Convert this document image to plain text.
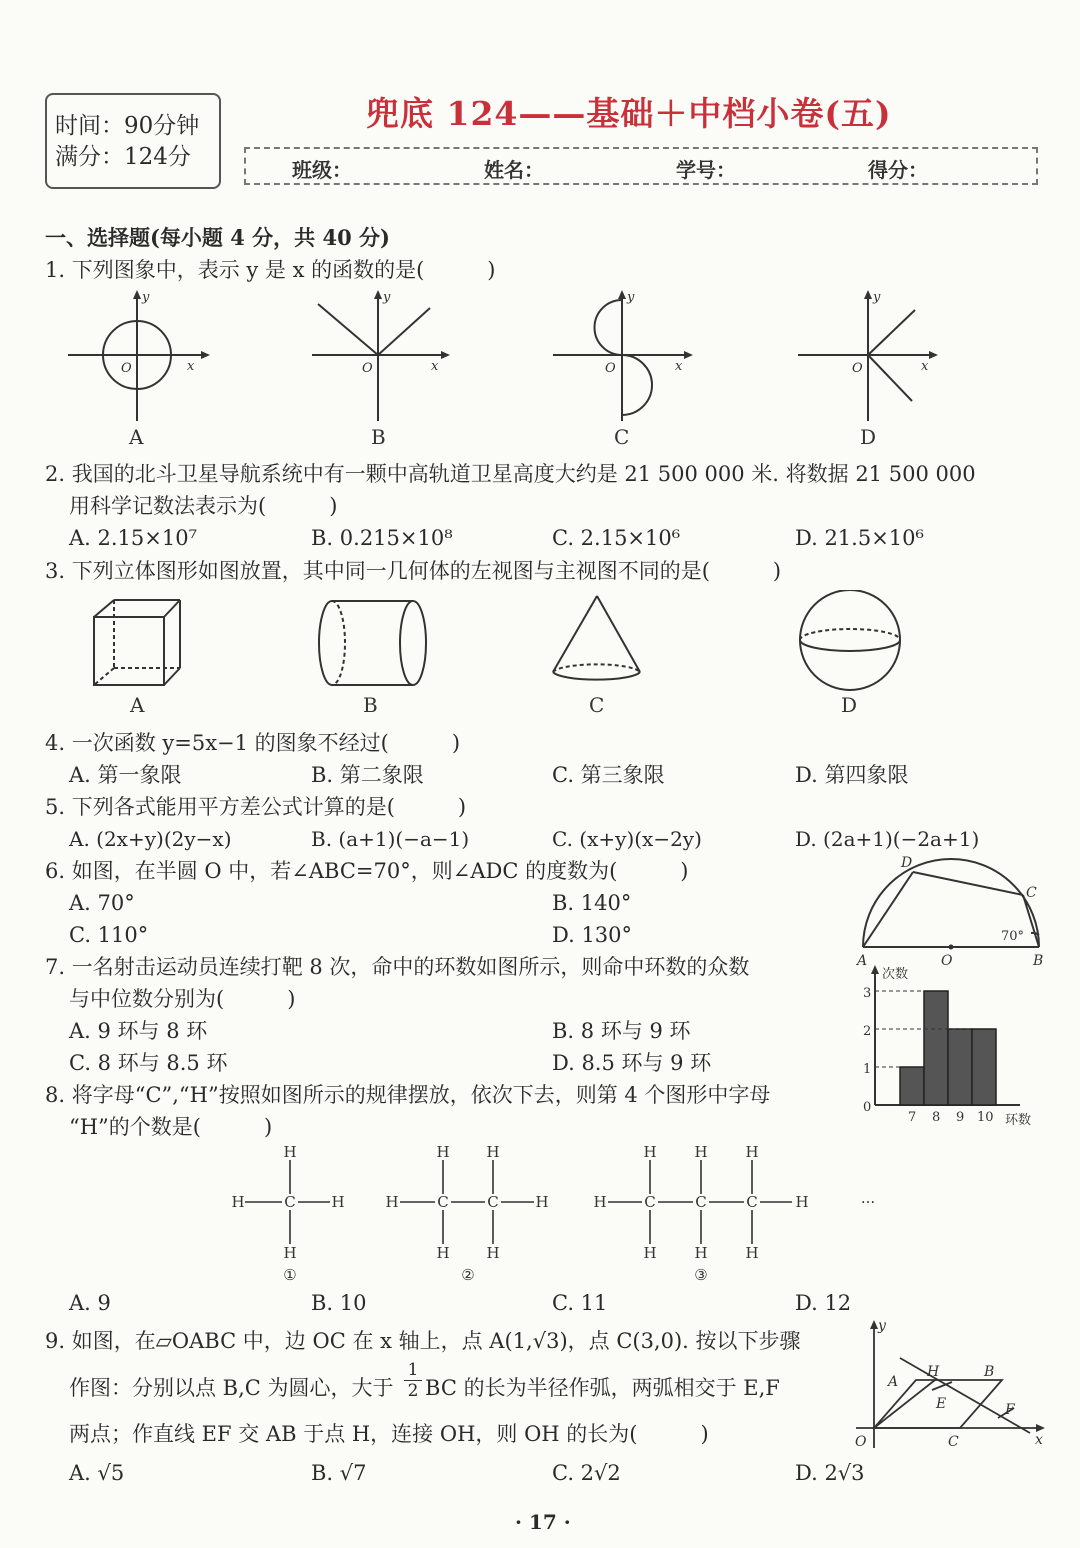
时间：90分钟
满分：124分
兜底 124——基础＋中档小卷(五)
班级：	姓名：	学号：	得分：
一、选择题(每小题 4 分，共 40 分)
1. 下列图象中，表示 y 是 x 的函数的是(　　　)
y
x
O
y
x
O
y
x
O
y
x
O
A	B	C	D
2. 我国的北斗卫星导航系统中有一颗中高轨道卫星高度大约是 21 500 000 米. 将数据 21 500 000
用科学记数法表示为(　　　)
A. 2.15×10⁷	B. 0.215×10⁸	C. 2.15×10⁶	D. 21.5×10⁶
3. 下列立体图形如图放置，其中同一几何体的左视图与主视图不同的是(　　　)
A	B	C	D
4. 一次函数 y=5x−1 的图象不经过(　　　)
A. 第一象限	B. 第二象限	C. 第三象限	D. 第四象限
5. 下列各式能用平方差公式计算的是(　　　)
A. (2x+y)(2y−x)	B. (a+1)(−a−1)	C. (x+y)(x−2y)	D. (2a+1)(−2a+1)
6. 如图，在半圆 O 中，若∠ABC=70°，则∠ADC 的度数为(　　　)
A. 70°	B. 140°
C. 110°	D. 130°
D
C
A	O	B
70°
7. 一名射击运动员连续打靶 8 次，命中的环数如图所示，则命中环数的众数
与中位数分别为(　　　)
A. 9 环与 8 环	B. 8 环与 9 环
C. 8 环与 8.5 环	D. 8.5 环与 9 环
次数
环数
0
1
2
3
7 8 9 10
8. 将字母“C”,“H”按照如图所示的规律摆放，依次下去，则第 4 个图形中字母
“H”的个数是(　　　)
H
C
H
H	H
H H
C	C
H H
H	H
H	H	H
C	C	C
H	H	H
H	H
①	②	③
···
A. 9	B. 10	C. 11	D. 12
9. 如图，在▱OABC 中，边 OC 在 x 轴上，点 A(1,√3)，点 C(3,0). 按以下步骤
作图：分别以点 B,C 为圆心，大于 $\frac{1}{2}$ BC 的长为半径作弧，两弧相交于 E,F
两点；作直线 EF 交 AB 于点 H，连接 OH，则 OH 的长为(　　　)
A. √5	B. √7	C. 2√2	D. 2√3
y
x
A
H	B
E	F
O	C
· 17 ·
